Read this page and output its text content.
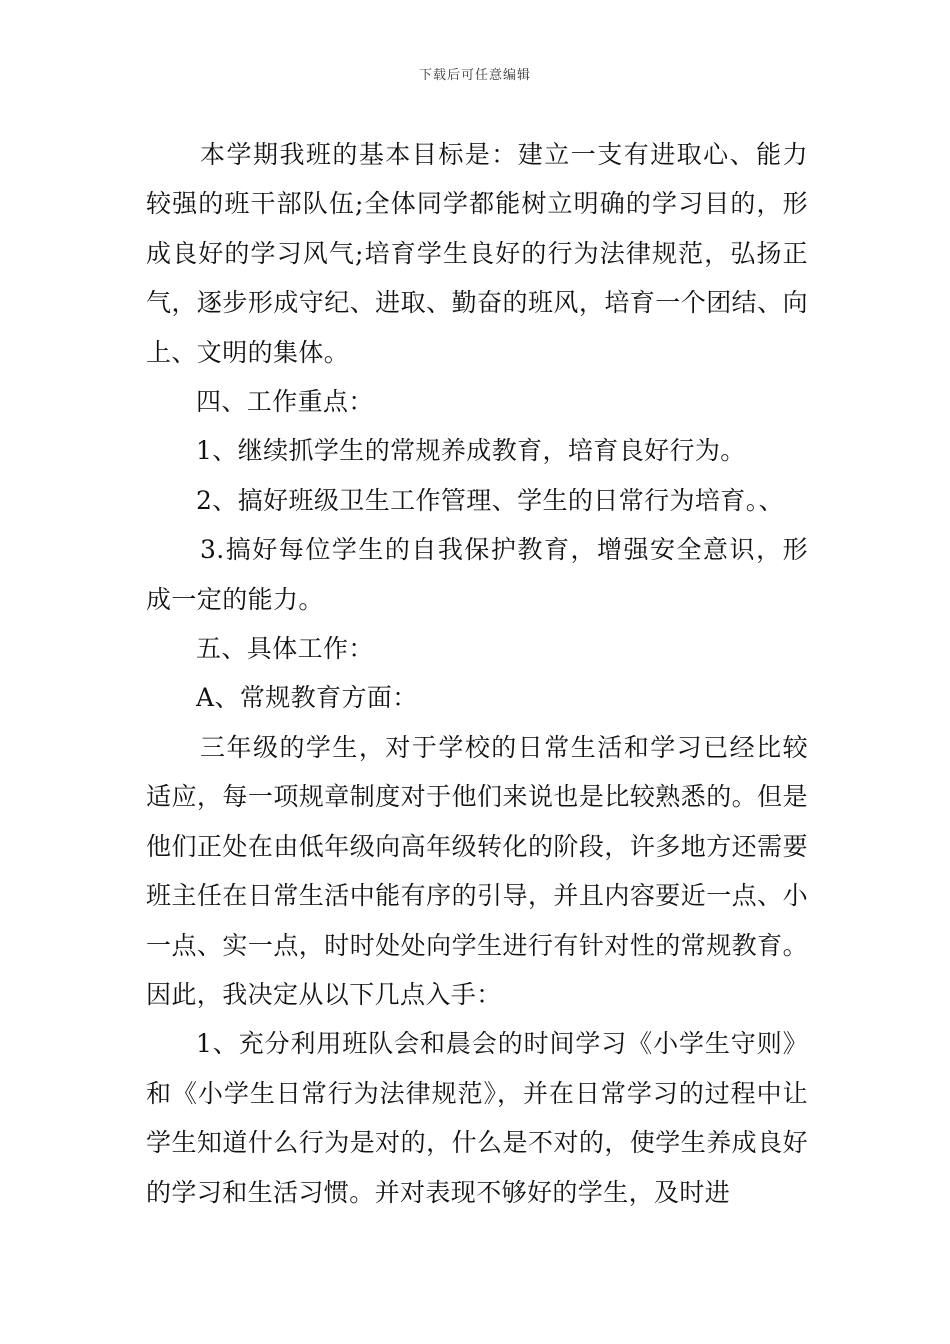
下载后可任意编辑

本学期我班的基本目标是：建立一支有进取心、能力较强的班干部队伍;全体同学都能树立明确的学习目的，形成良好的学习风气;培育学生良好的行为法律规范，弘扬正气，逐步形成守纪、进取、勤奋的班风，培育一个团结、向上、文明的集体。

四、工作重点：

1、继续抓学生的常规养成教育，培育良好行为。

2、搞好班级卫生工作管理、学生的日常行为培育。、

3.搞好每位学生的自我保护教育，增强安全意识，形成一定的能力。

五、具体工作：

A、常规教育方面：

三年级的学生，对于学校的日常生活和学习已经比较适应，每一项规章制度对于他们来说也是比较熟悉的。但是他们正处在由低年级向高年级转化的阶段，许多地方还需要班主任在日常生活中能有序的引导，并且内容要近一点、小一点、实一点，时时处处向学生进行有针对性的常规教育。因此，我决定从以下几点入手：

1、充分利用班队会和晨会的时间学习《小学生守则》和《小学生日常行为法律规范》，并在日常学习的过程中让学生知道什么行为是对的，什么是不对的，使学生养成良好的学习和生活习惯。并对表现不够好的学生，及时进
